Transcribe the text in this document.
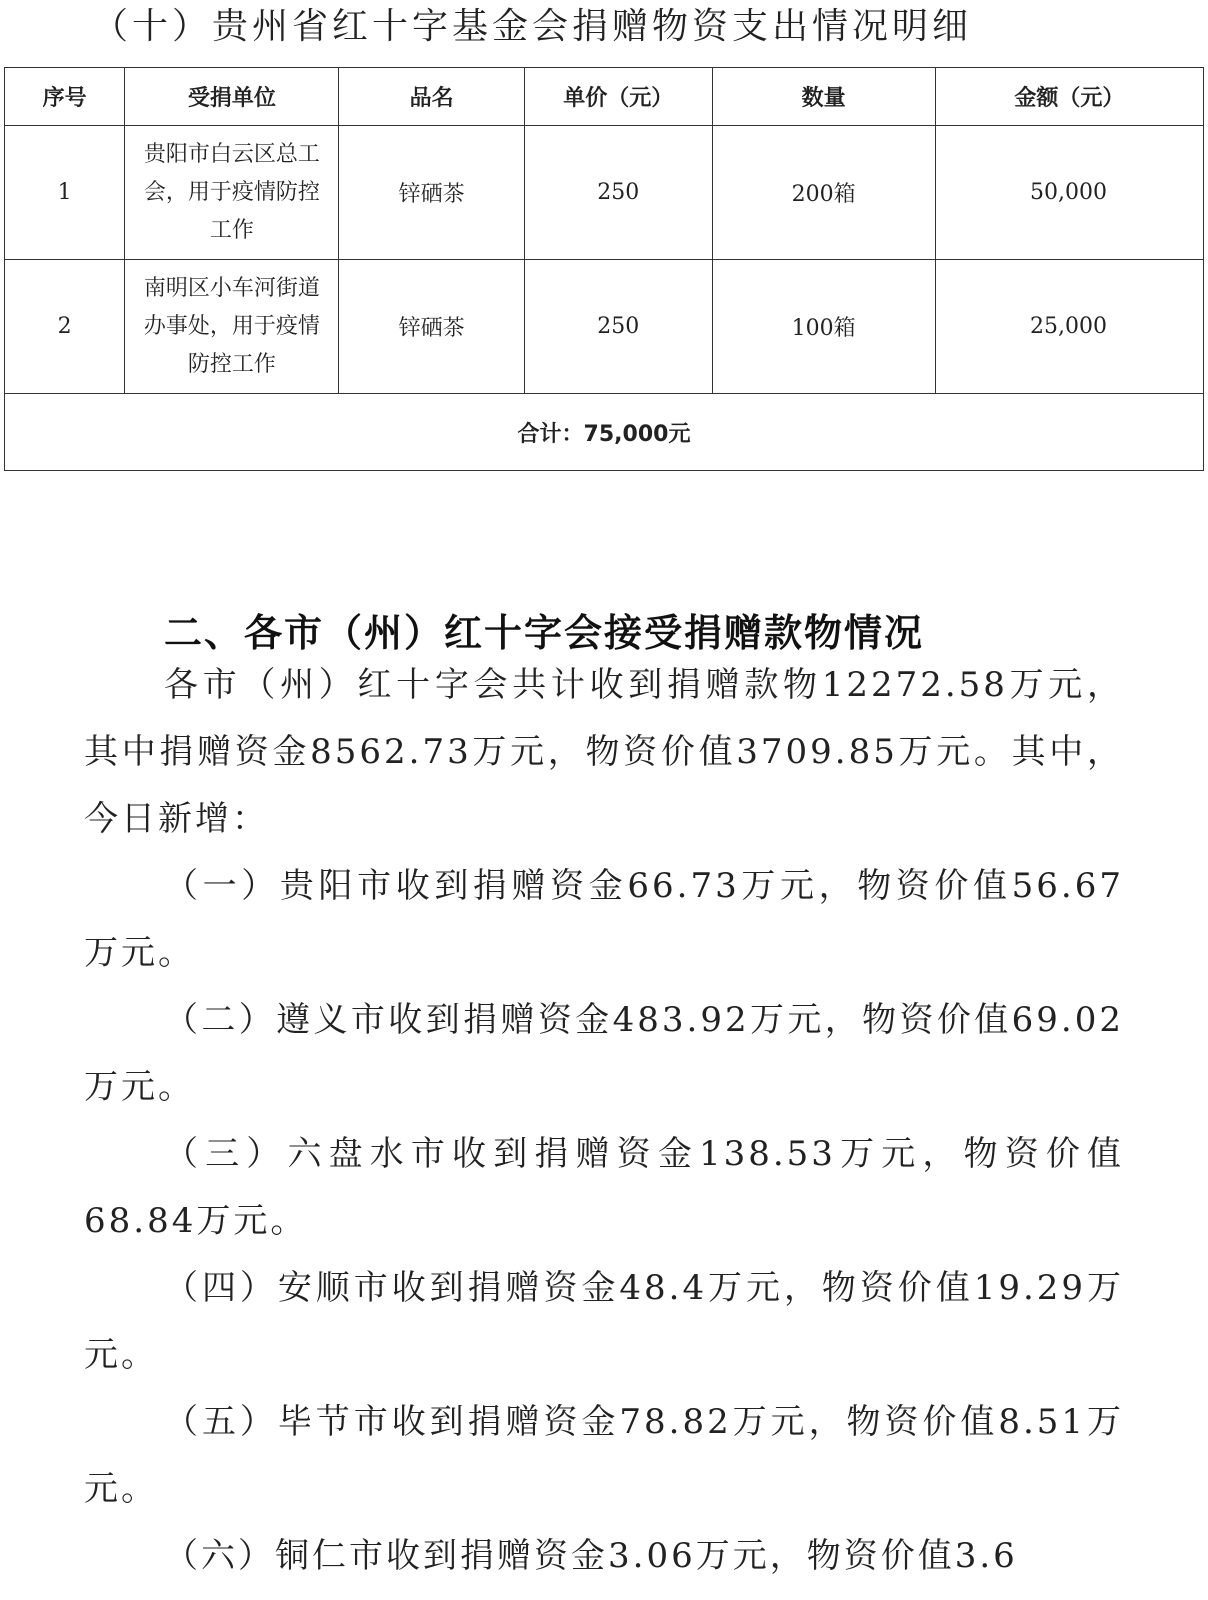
（十）贵州省红十字基金会捐赠物资支出情况明细
序号	受捐单位	品名	单价（元）	数量	金额（元）
1	贵阳市白云区总工会，用于疫情防控工作	锌硒茶	250	200箱	50,000
2	南明区小车河街道办事处，用于疫情防控工作	锌硒茶	250	100箱	25,000
合计：75,000元					
二、各市（州）红十字会接受捐赠款物情况

各市（州）红十字会共计收到捐赠款物12272.58万元，其中捐赠资金8562.73万元，物资价值3709.85万元。其中，今日新增：

（一）贵阳市收到捐赠资金66.73万元，物资价值56.67万元。

（二）遵义市收到捐赠资金483.92万元，物资价值69.02万元。

（三）六盘水市收到捐赠资金138.53万元，物资价值68.84万元。

（四）安顺市收到捐赠资金48.4万元，物资价值19.29万元。

（五）毕节市收到捐赠资金78.82万元，物资价值8.51万元。

（六）铜仁市收到捐赠资金3.06万元，物资价值3.6
